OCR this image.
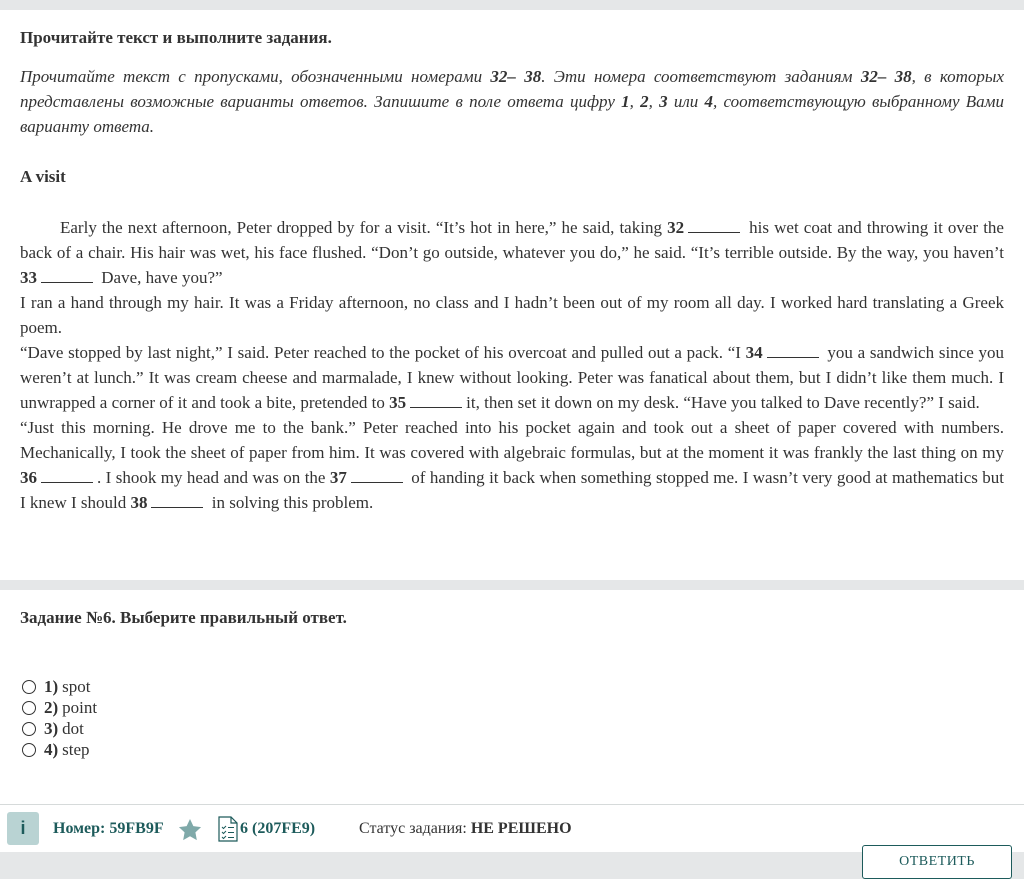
Прочитайте текст и выполните задания.

Прочитайте текст с пропусками, обозначенными номерами 32– 38. Эти номера соответствуют заданиям 32– 38, в которых представлены возможные варианты ответов. Запишите в поле ответа цифру 1, 2, 3 или 4, соответствующую выбранному Вами варианту ответа.

A visit

Early the next afternoon, Peter dropped by for a visit. “It’s hot in here,” he said, taking 32	his wet coat and throwing it over the back of a chair. His hair was wet, his face flushed. “Don’t go outside, whatever you do,” he said. “It’s terrible outside. By the way, you haven’t 33	Dave, have you?”

I ran a hand through my hair. It was a Friday afternoon, no class and I hadn’t been out of my room all day. I worked hard translating a Greek poem.

“Dave stopped by last night,” I said. Peter reached to the pocket of his overcoat and pulled out a pack. “I 34	you a sandwich since you weren’t at lunch.” It was cream cheese and marmalade, I knew without looking. Peter was fanatical about them, but I didn’t like them much. I unwrapped a corner of it and took a bite, pretended to 35	it, then set it down on my desk. “Have you talked to Dave recently?” I said.

“Just this morning. He drove me to the bank.” Peter reached into his pocket again and took out a sheet of paper covered with numbers. Mechanically, I took the sheet of paper from him. It was covered with algebraic formulas, but at the moment it was frankly the last thing on my 36	. I shook my head and was on the 37	of handing it back when something stopped me. I wasn’t very good at mathematics but I knew I should 38	in solving this problem.

Задание №6. Выберите правильный ответ.
1) spot
2) point
3) dot
4) step
i	Номер: 59FB9F	6 (207FE9)	Статус задания: НЕ РЕШЕНО
ОТВЕТИТЬ
